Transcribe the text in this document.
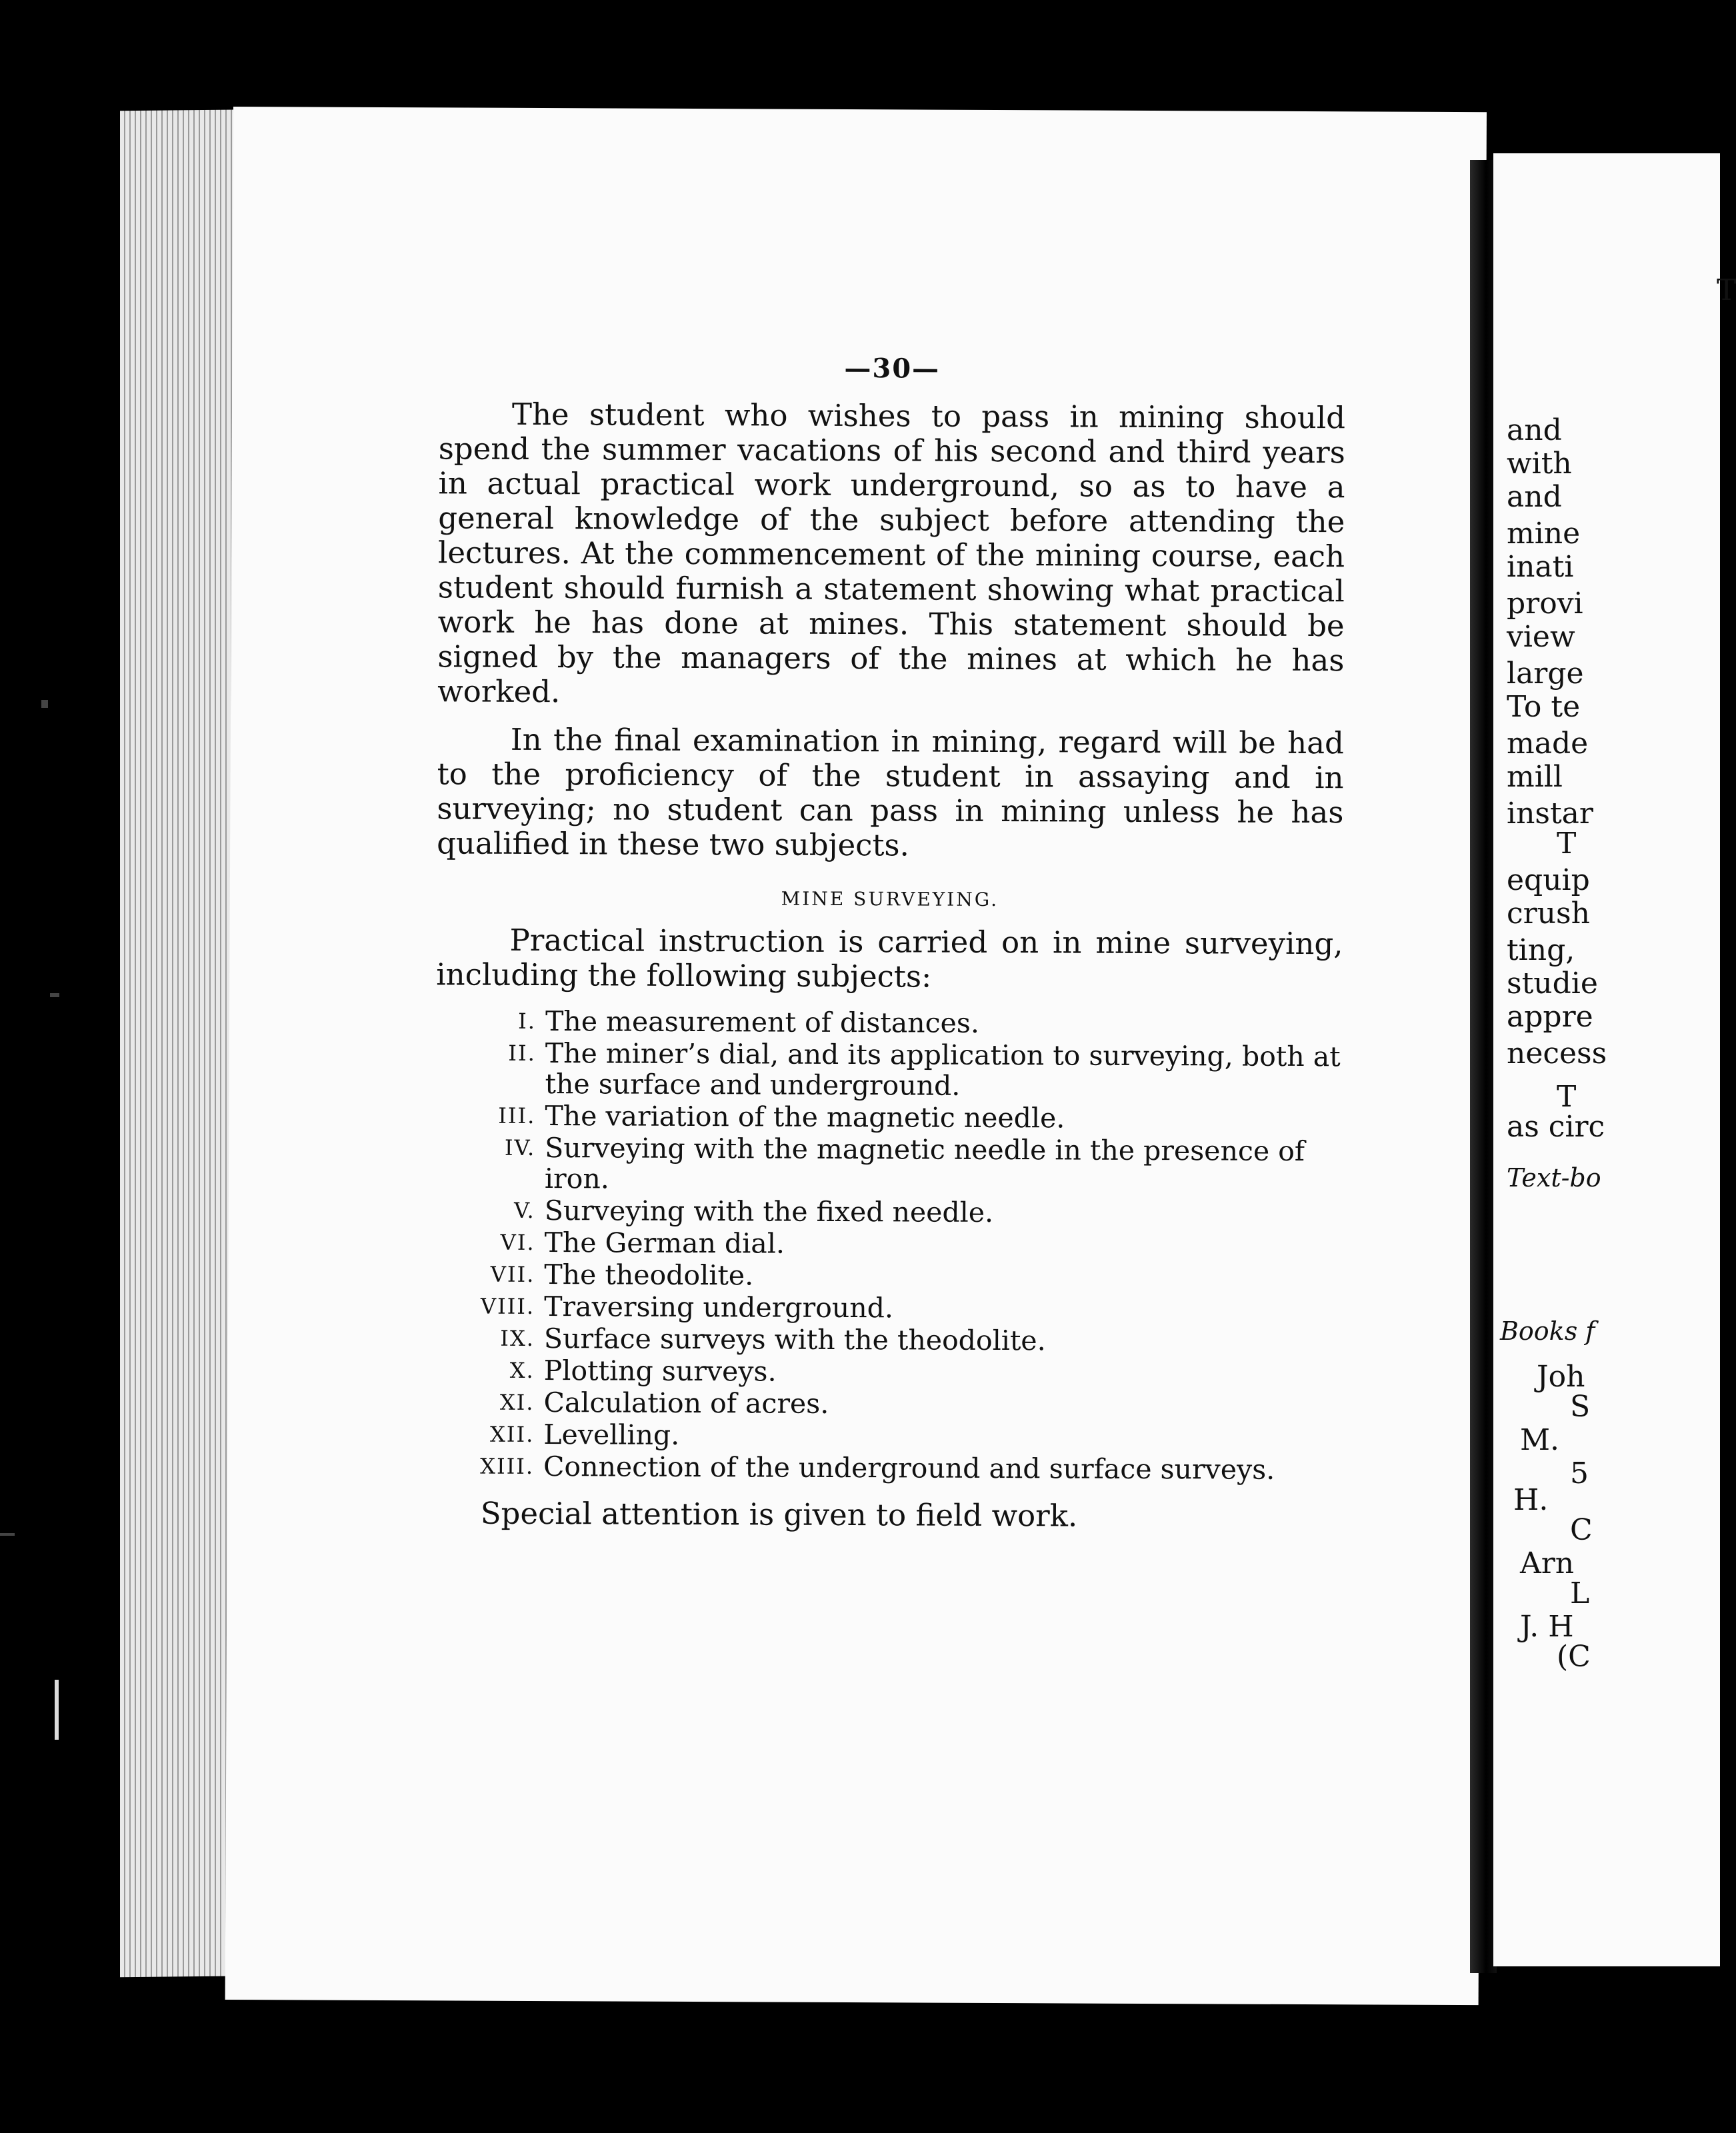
—30—

The student who wishes to pass in mining should spend the summer vacations of his second and third years in actual practical work underground, so as to have a general knowledge of the subject before attending the lectures. At the commencement of the mining course, each student should furnish a statement showing what practical work he has done at mines. This statement should be signed by the managers of the mines at which he has worked.

In the final examination in mining, regard will be had to the proficiency of the student in assaying and in surveying; no student can pass in mining unless he has qualified in these two subjects.

MINE SURVEYING.

Practical instruction is carried on in mine surveying, including the following subjects:

I. The measurement of distances.
II. The miner’s dial, and its application to surveying, both at the surface and underground.
III. The variation of the magnetic needle.
IV. Surveying with the magnetic needle in the presence of iron.
V. Surveying with the fixed needle.
VI. The German dial.
VII. The theodolite.
VIII. Traversing underground.
IX. Surface surveys with the theodolite.
X. Plotting surveys.
XI. Calculation of acres.
XII. Levelling.
XIII. Connection of the underground and surface surveys.

Special attention is given to field work.

T
and
with
and
mine
inati
provi
view
large
To te
made
mill
instar
T
equip
crush
ting,
studie
appre
necess
T
as circ
Text-bo
Books f
Joh
S
M.
5
H.
C
Arn
L
J. H
(C
